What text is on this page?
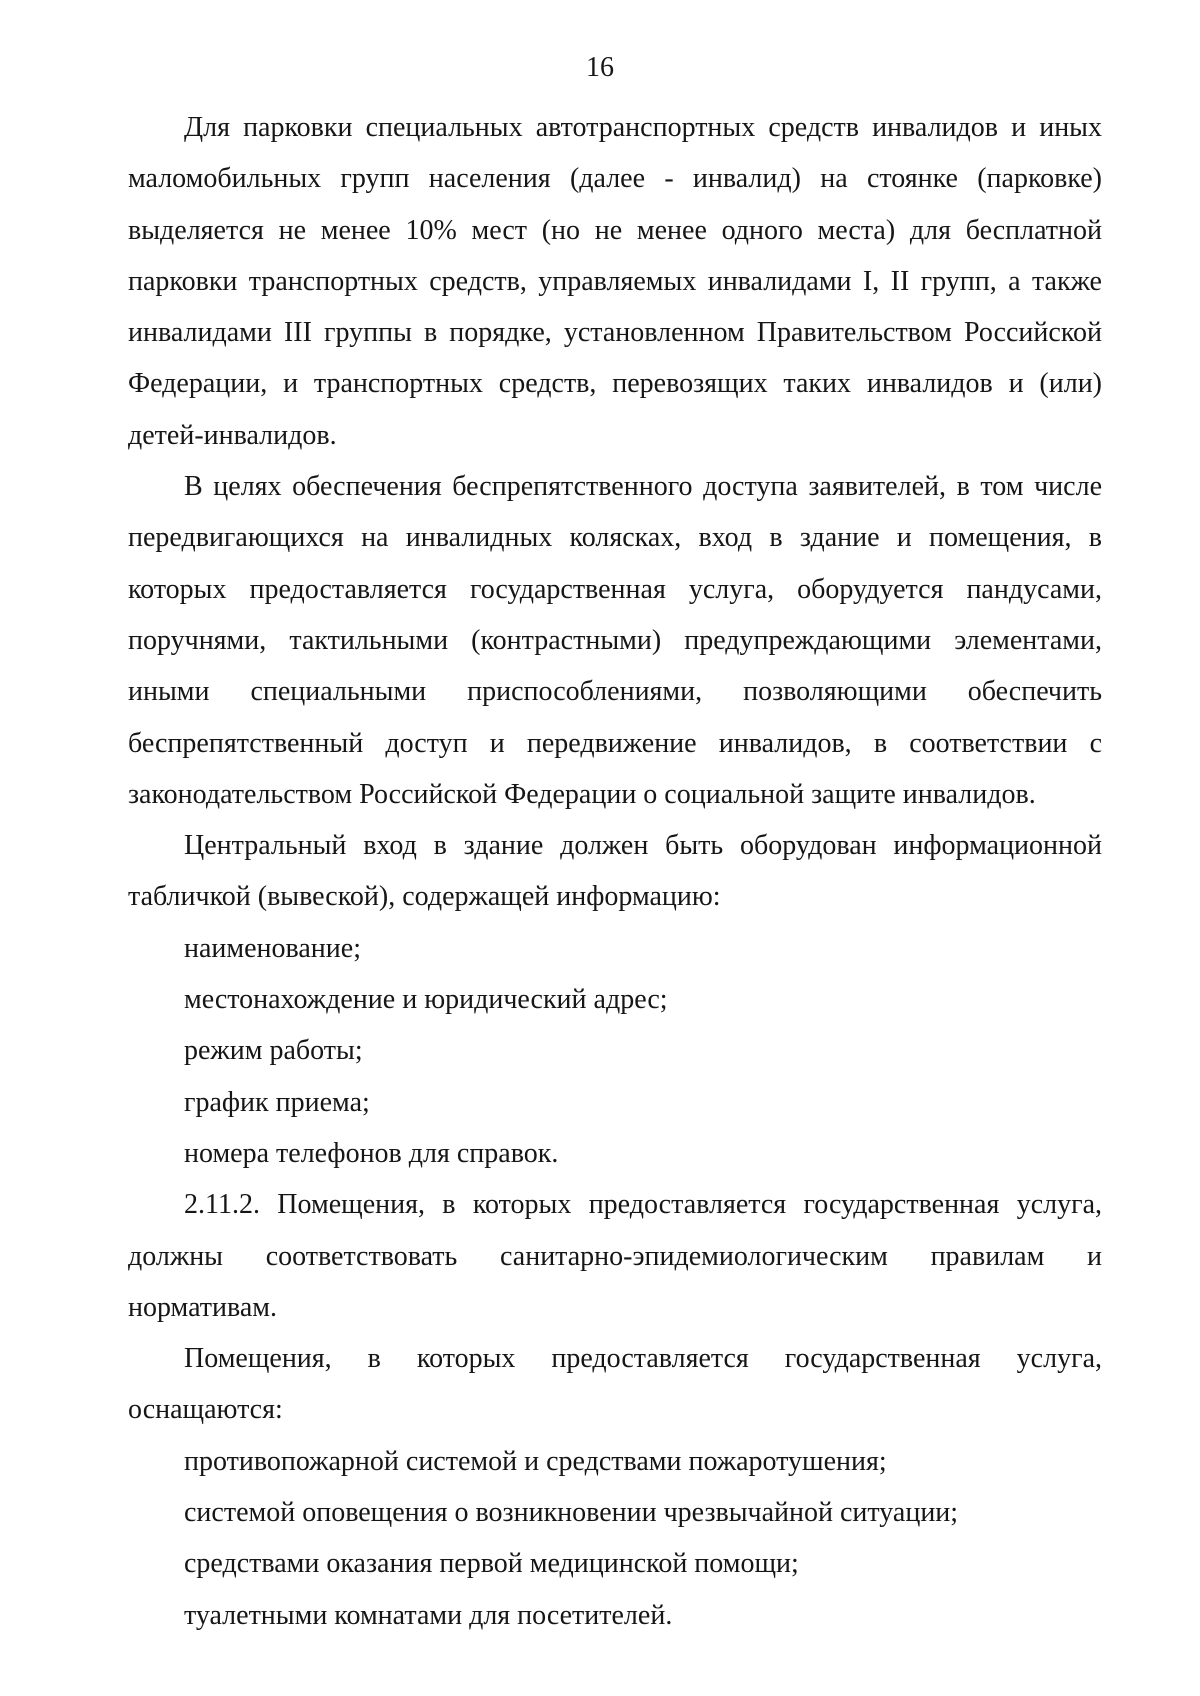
16

Для парковки специальных автотранспортных средств инвалидов и иных маломобильных групп населения (далее - инвалид) на стоянке (парковке) выделяется не менее 10% мест (но не менее одного места) для бесплатной парковки транспортных средств, управляемых инвалидами I, II групп, а также инвалидами III группы в порядке, установленном Правительством Российской Федерации, и транспортных средств, перевозящих таких инвалидов и (или) детей-инвалидов.

В целях обеспечения беспрепятственного доступа заявителей, в том числе передвигающихся на инвалидных колясках, вход в здание и помещения, в которых предоставляется государственная услуга, оборудуется пандусами, поручнями, тактильными (контрастными) предупреждающими элементами, иными специальными приспособлениями, позволяющими обеспечить беспрепятственный доступ и передвижение инвалидов, в соответствии с законодательством Российской Федерации о социальной защите инвалидов.

Центральный вход в здание должен быть оборудован информационной табличкой (вывеской), содержащей информацию:

наименование;

местонахождение и юридический адрес;

режим работы;

график приема;

номера телефонов для справок.

2.11.2. Помещения, в которых предоставляется государственная услуга, должны соответствовать санитарно-эпидемиологическим правилам и нормативам.

Помещения, в которых предоставляется государственная услуга, оснащаются:

противопожарной системой и средствами пожаротушения;

системой оповещения о возникновении чрезвычайной ситуации;

средствами оказания первой медицинской помощи;

туалетными комнатами для посетителей.
